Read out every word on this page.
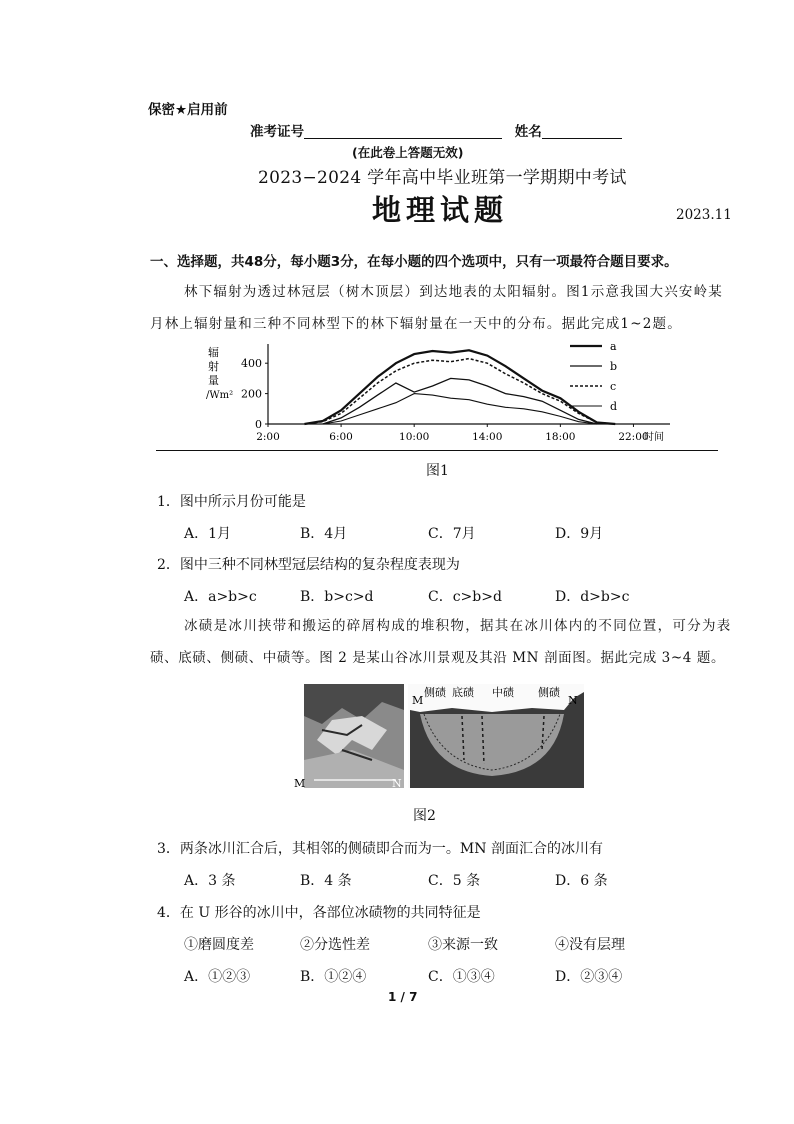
保密★启用前
准考证号	姓名
(在此卷上答题无效)
2023−2024 学年高中毕业班第一学期期中考试
地理试题	2023.11
一、选择题，共48分，每小题3分，在每小题的四个选项中，只有一项最符合题目要求。
林下辐射为透过林冠层（树木顶层）到达地表的太阳辐射。图1示意我国大兴安岭某
月林上辐射量和三种不同林型下的林下辐射量在一天中的分布。据此完成1~2题。
辐
射
量
/Wm²
0
200
400
2:00	6:00	10:00	14:00	18:00	22:00
a
b
c
d
时间
图1
1．图中所示月份可能是
A．1月	B．4月	C．7月	D．9月
2．图中三种不同林型冠层结构的复杂程度表现为
A．a>b>c	B．b>c>d	C．c>b>d	D．d>b>c
冰碛是冰川挟带和搬运的碎屑构成的堆积物，据其在冰川体内的不同位置，可分为表
碛、底碛、侧碛、中碛等。图 2 是某山谷冰川景观及其沿 MN 剖面图。据此完成 3~4 题。
M	N
M	N
侧碛 底碛 中碛 侧碛
图2
3．两条冰川汇合后，其相邻的侧碛即合而为一。MN 剖面汇合的冰川有
A．3 条	B．4 条	C．5 条	D．6 条
4．在 U 形谷的冰川中，各部位冰碛物的共同特征是
①磨圆度差	②分选性差	③来源一致	④没有层理
A．①②③	B．①②④	C．①③④	D．②③④
1 / 7
